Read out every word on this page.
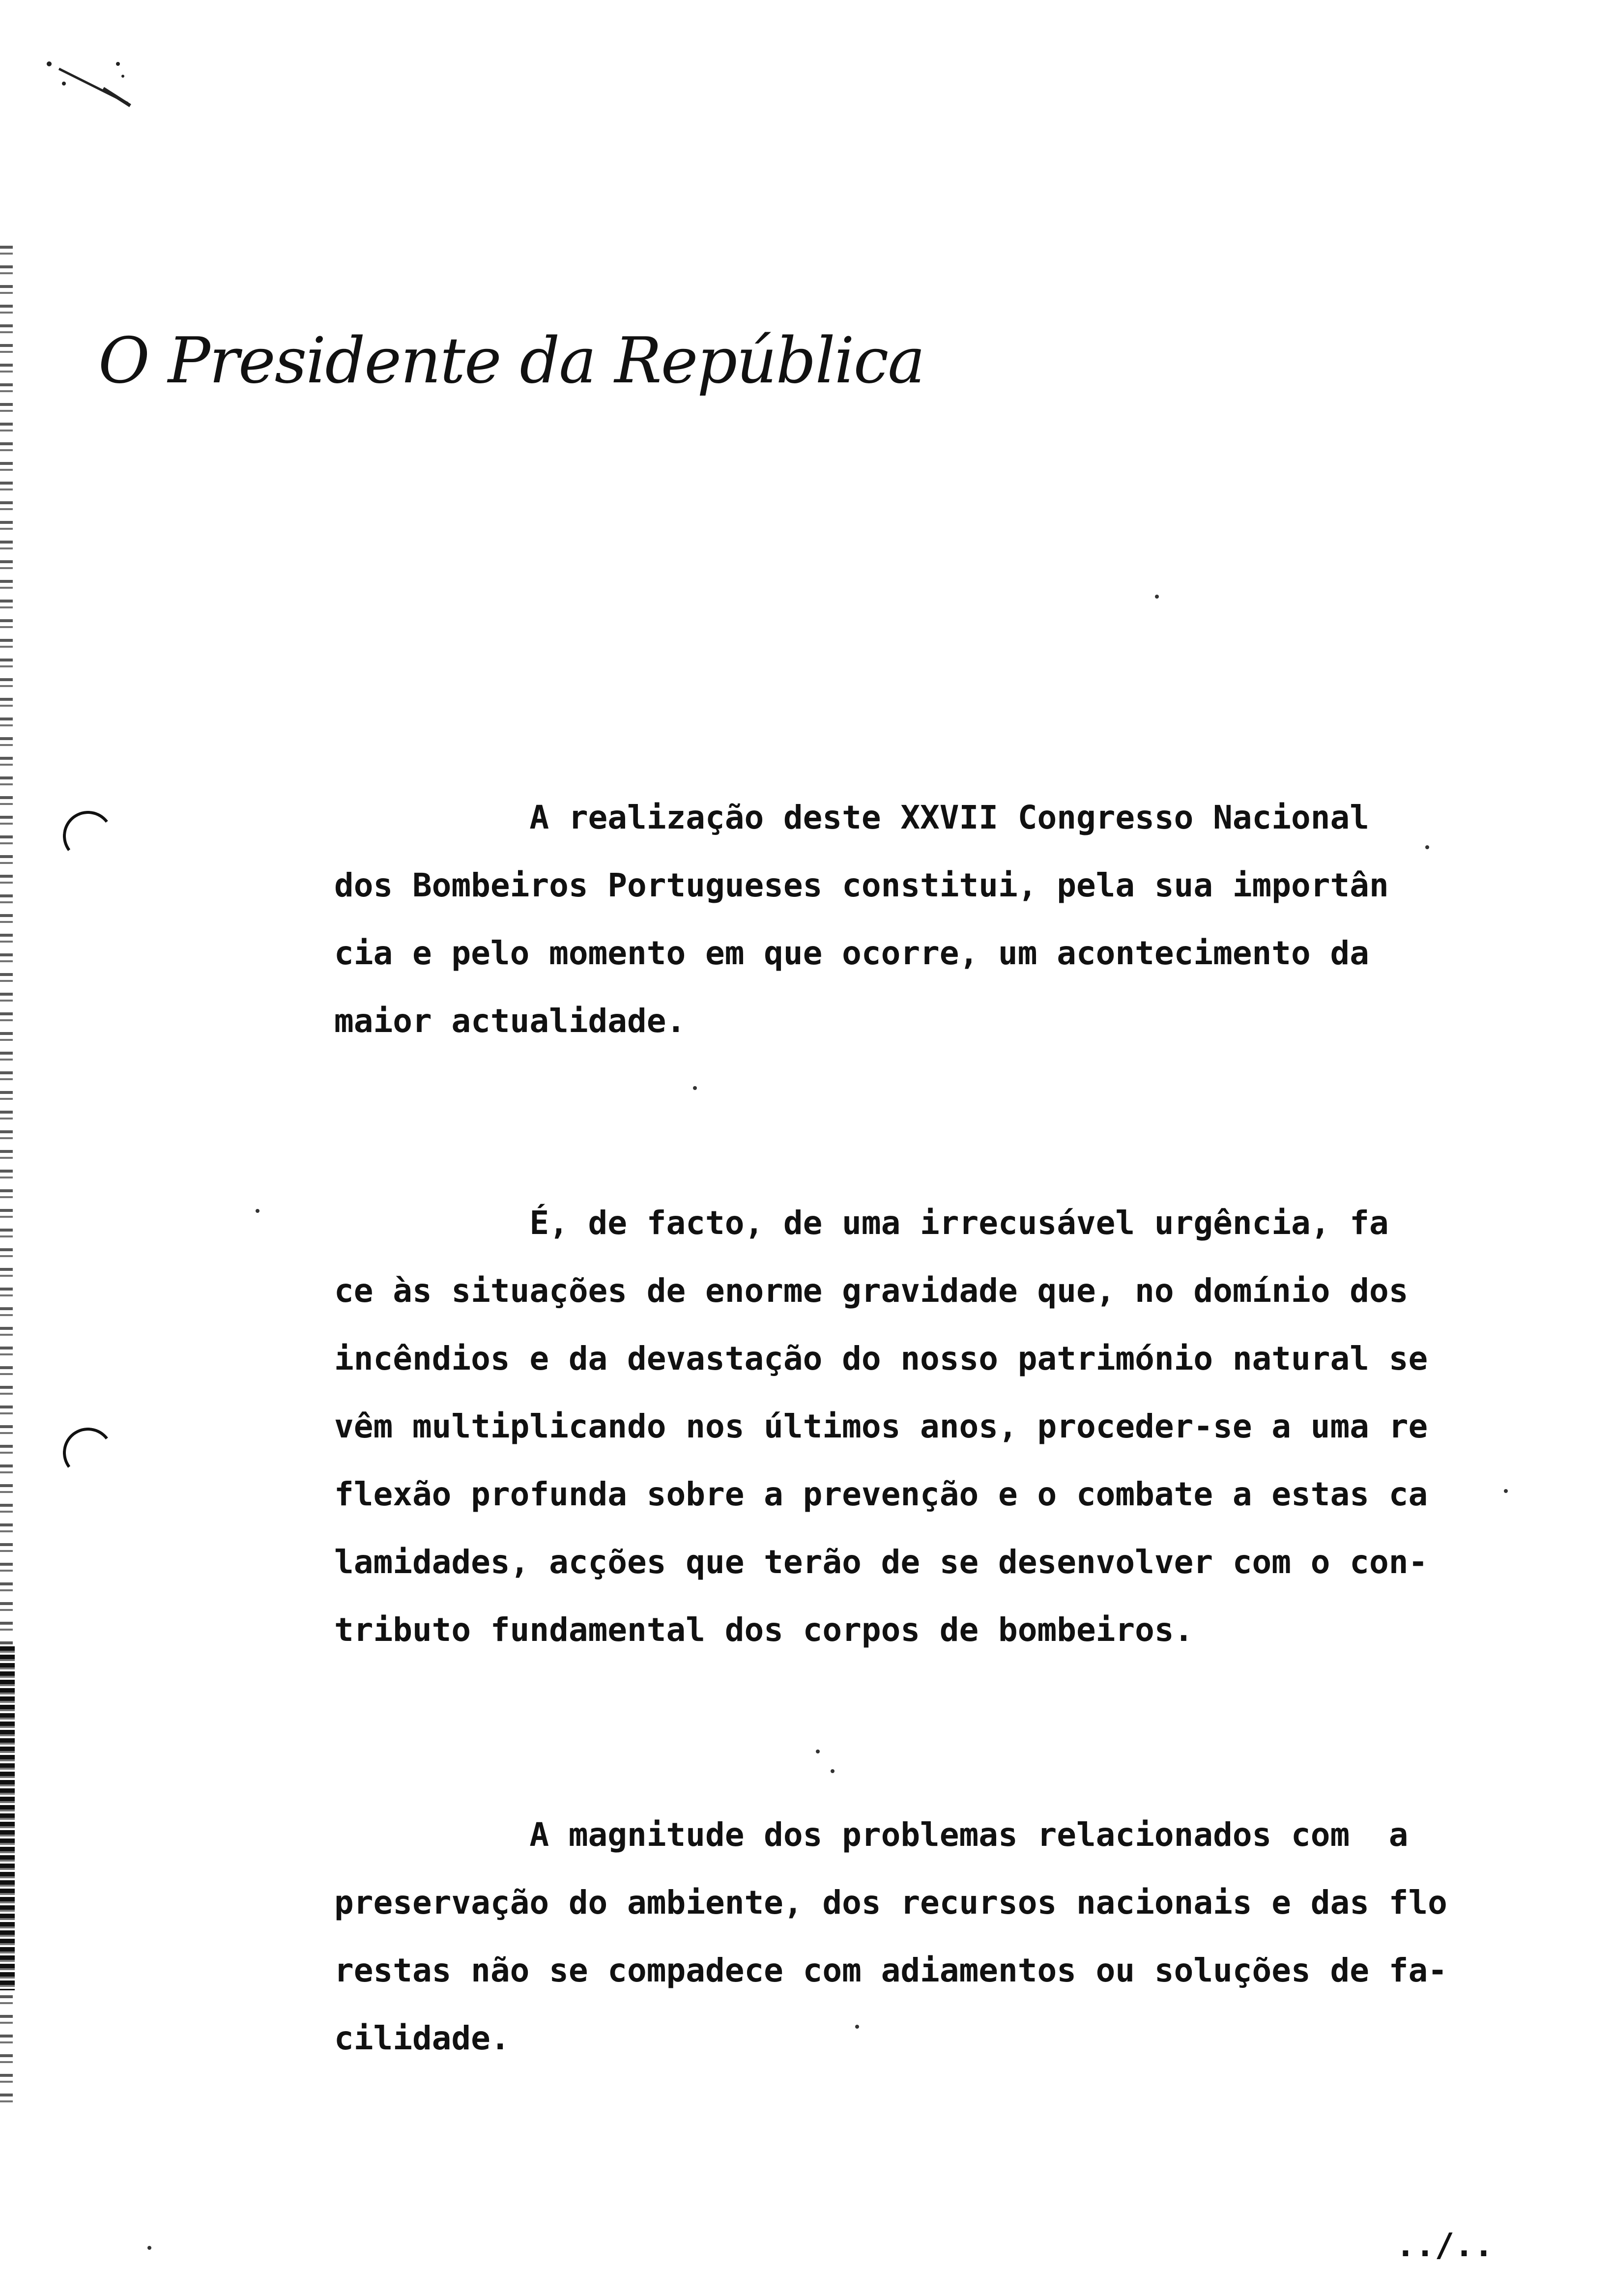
O Presidente da República
A realização deste XXVII Congresso Nacional
dos Bombeiros Portugueses constitui, pela sua importân
cia e pelo momento em que ocorre, um acontecimento da
maior actualidade.
É, de facto, de uma irrecusável urgência, fa
ce às situações de enorme gravidade que, no domínio dos
incêndios e da devastação do nosso património natural se
vêm multiplicando nos últimos anos, proceder-se a uma re
flexão profunda sobre a prevenção e o combate a estas ca
lamidades, acções que terão de se desenvolver com o con-
tributo fundamental dos corpos de bombeiros.
A magnitude dos problemas relacionados com  a
preservação do ambiente, dos recursos nacionais e das flo
restas não se compadece com adiamentos ou soluções de fa-
cilidade.
../..
